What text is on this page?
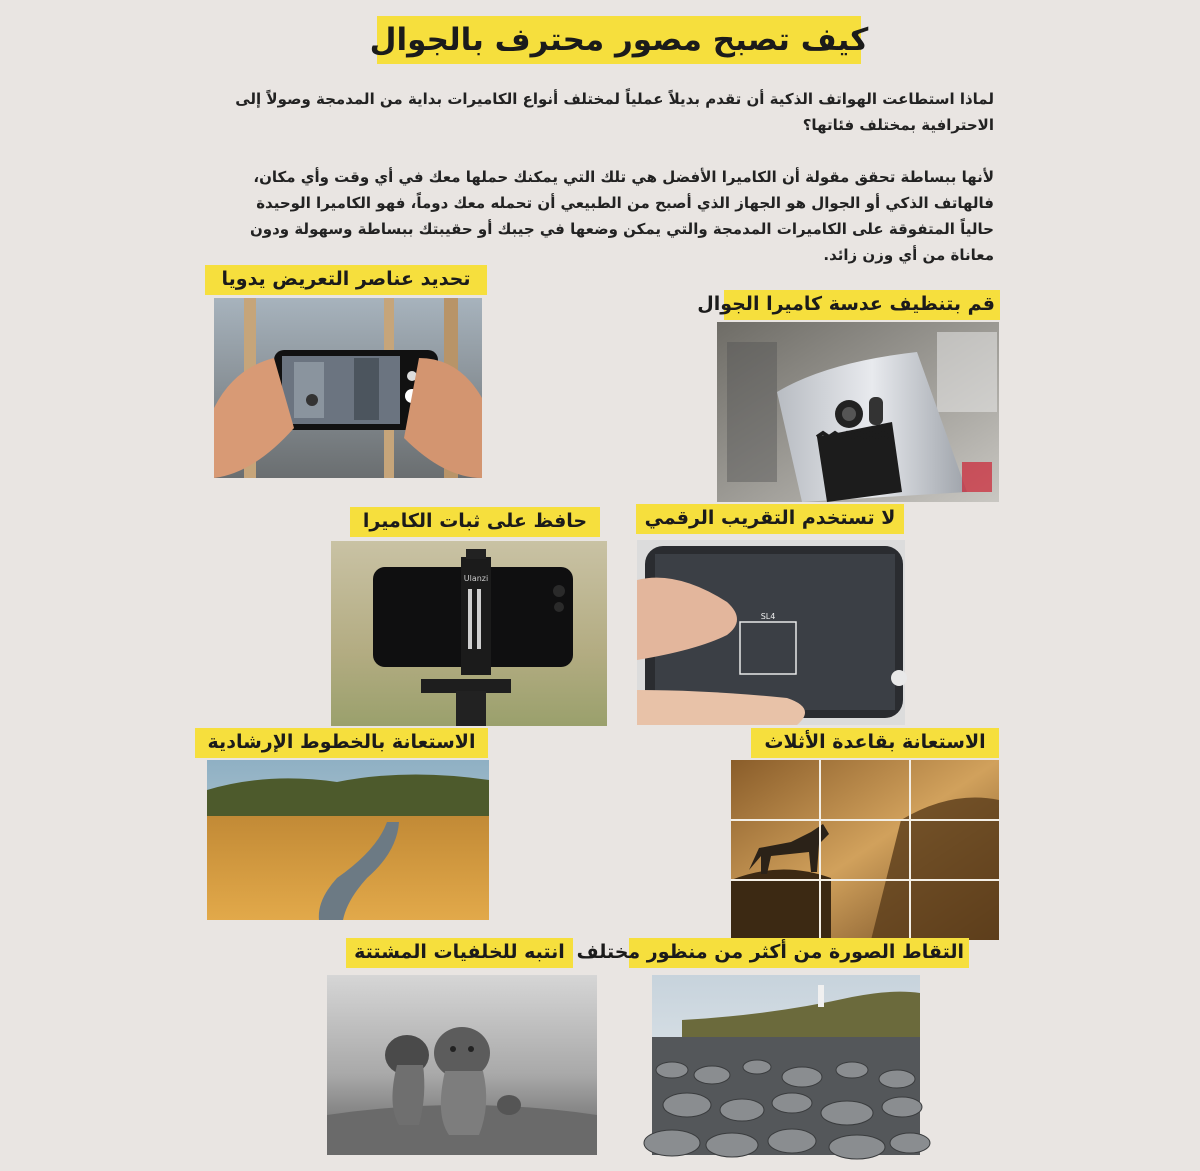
كيف تصبح مصور محترف بالجوال

لماذا استطاعت الهواتف الذكية أن تقدم بديلاً عملياً لمختلف أنواع الكاميرات بداية من المدمجة وصولاً إلى الاحترافية بمختلف فئاتها؟

لأنها ببساطة تحقق مقولة أن الكاميرا الأفضل هي تلك التي يمكنك حملها معك في أي وقت وأي مكان، فالهاتف الذكي أو الجوال هو الجهاز الذي أصبح من الطبيعي أن تحمله معك دوماً، فهو الكاميرا الوحيدة حالياً المتفوقة على الكاميرات المدمجة والتي يمكن وضعها في جيبك أو حقيبتك ببساطة وسهولة ودون معاناة من أي وزن زائد.

قم بتنظيف عدسة كاميرا الجوال
تحديد عناصر التعريض يدويا
لا تستخدم التقريب الرقمي
SL4
حافظ على ثبات الكاميرا
Ulanzi
الاستعانة بقاعدة الأثلاث
الاستعانة بالخطوط الإرشادية
التقاط الصورة من أكثر من منظور مختلف
انتبه للخلفيات المشتتة
